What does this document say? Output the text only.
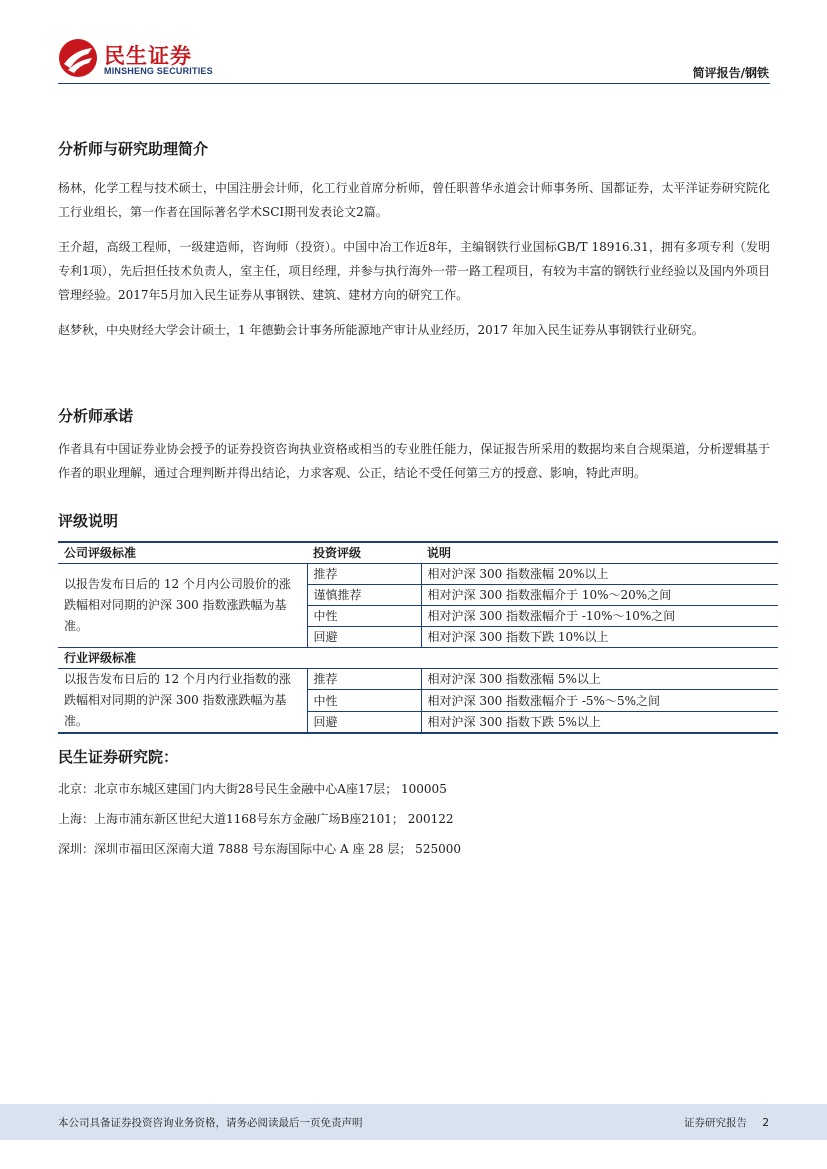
民生证券
MINSHENG SECURITIES	简评报告/钢铁
分析师与研究助理简介
杨林，化学工程与技术硕士，中国注册会计师，化工行业首席分析师，曾任职普华永道会计师事务所、国都证券，太平洋证券研究院化工行业组长，第一作者在国际著名学术SCI期刊发表论文2篇。
王介超，高级工程师，一级建造师，咨询师（投资）。中国中冶工作近8年，主编钢铁行业国标GB/T 18916.31，拥有多项专利（发明专利1项），先后担任技术负责人，室主任，项目经理，并参与执行海外一带一路工程项目，有较为丰富的钢铁行业经验以及国内外项目管理经验。2017年5月加入民生证券从事钢铁、建筑、建材方向的研究工作。
赵梦秋，中央财经大学会计硕士，1 年德勤会计事务所能源地产审计从业经历，2017 年加入民生证券从事钢铁行业研究。
分析师承诺
作者具有中国证券业协会授予的证券投资咨询执业资格或相当的专业胜任能力，保证报告所采用的数据均来自合规渠道，分析逻辑基于作者的职业理解，通过合理判断并得出结论，力求客观、公正，结论不受任何第三方的授意、影响，特此声明。
评级说明
公司评级标准	投资评级	说明
以报告发布日后的 12 个月内公司股价的涨跌幅相对同期的沪深 300 指数涨跌幅为基准。	推荐	相对沪深 300 指数涨幅 20%以上
	谨慎推荐	相对沪深 300 指数涨幅介于 10%～20%之间
	中性	相对沪深 300 指数涨幅介于 -10%～10%之间
	回避	相对沪深 300 指数下跌 10%以上
行业评级标准		
以报告发布日后的 12 个月内行业指数的涨跌幅相对同期的沪深 300 指数涨跌幅为基准。	推荐	相对沪深 300 指数涨幅 5%以上
	中性	相对沪深 300 指数涨幅介于 -5%～5%之间
	回避	相对沪深 300 指数下跌 5%以上
民生证券研究院：
北京：北京市东城区建国门内大街28号民生金融中心A座17层； 100005
上海：上海市浦东新区世纪大道1168号东方金融广场B座2101； 200122
深圳：深圳市福田区深南大道 7888 号东海国际中心 A 座 28 层； 525000
本公司具备证券投资咨询业务资格，请务必阅读最后一页免责声明	证券研究报告 2
